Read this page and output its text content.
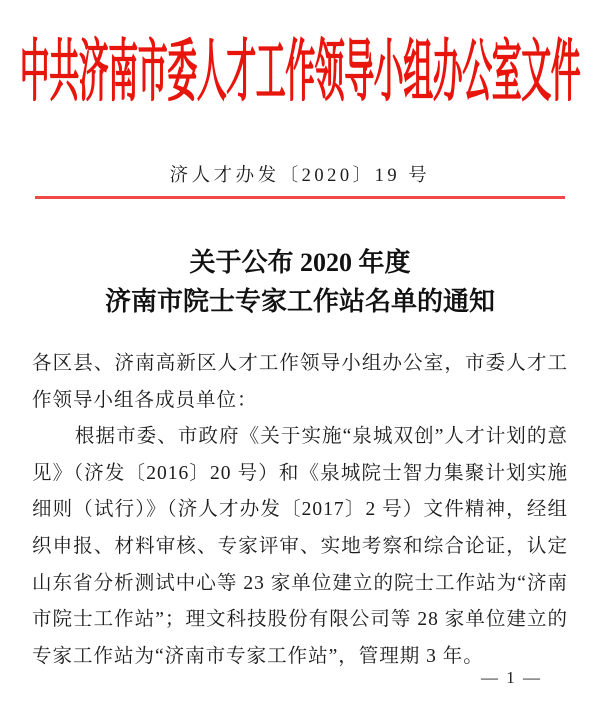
中共济南市委人才工作领导小组办公室文件
济人才办发〔2020〕19 号
关于公布 2020 年度
济南市院士专家工作站名单的通知

各区县、济南高新区人才工作领导小组办公室，市委人才工作领导小组各成员单位：

根据市委、市政府《关于实施“泉城双创”人才计划的意见》（济发〔2016〕20 号）和《泉城院士智力集聚计划实施细则（试行）》（济人才办发〔2017〕2 号）文件精神，经组织申报、材料审核、专家评审、实地考察和综合论证，认定山东省分析测试中心等 23 家单位建立的院士工作站为“济南市院士工作站”；理文科技股份有限公司等 28 家单位建立的专家工作站为“济南市专家工作站”，管理期 3 年。

— 1 —
